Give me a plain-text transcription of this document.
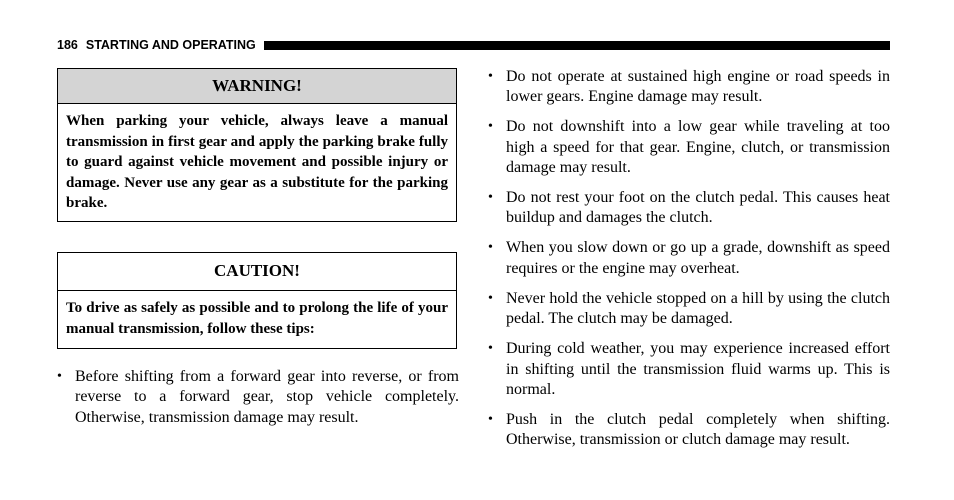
186 STARTING AND OPERATING
WARNING!
When parking your vehicle, always leave a manual transmission in first gear and apply the parking brake fully to guard against vehicle movement and possible injury or damage. Never use any gear as a substitute for the parking brake.
CAUTION!
To drive as safely as possible and to prolong the life of your manual transmission, follow these tips:
• Before shifting from a forward gear into reverse, or from reverse to a forward gear, stop vehicle completely. Otherwise, transmission damage may result.
• Do not operate at sustained high engine or road speeds in lower gears. Engine damage may result.
• Do not downshift into a low gear while traveling at too high a speed for that gear. Engine, clutch, or transmission damage may result.
• Do not rest your foot on the clutch pedal. This causes heat buildup and damages the clutch.
• When you slow down or go up a grade, downshift as speed requires or the engine may overheat.
• Never hold the vehicle stopped on a hill by using the clutch pedal. The clutch may be damaged.
• During cold weather, you may experience increased effort in shifting until the transmission fluid warms up. This is normal.
• Push in the clutch pedal completely when shifting. Otherwise, transmission or clutch damage may result.
